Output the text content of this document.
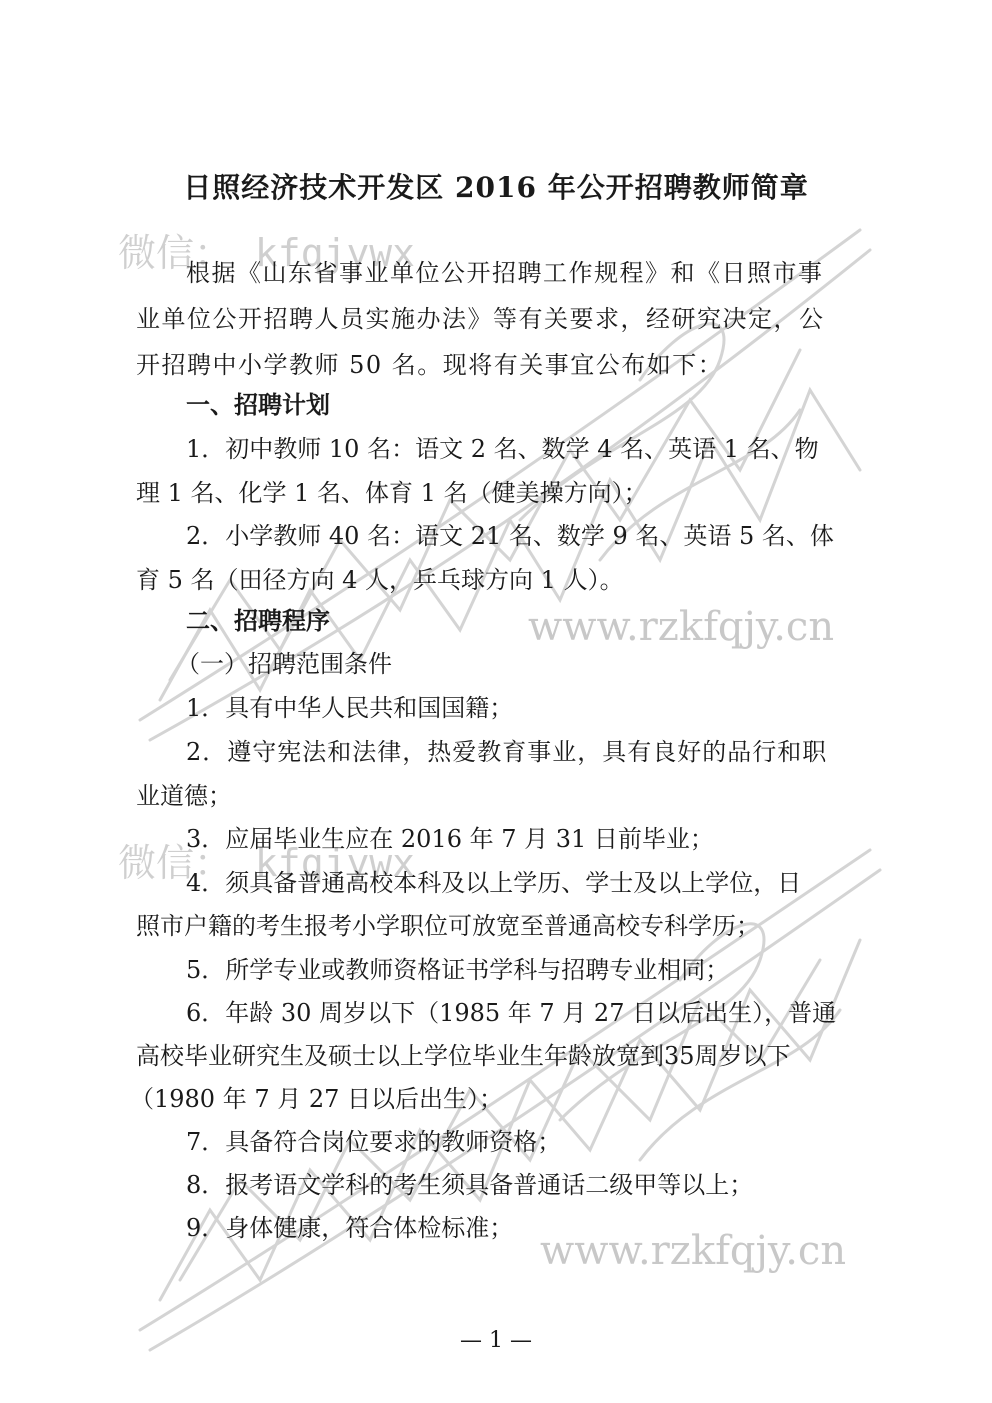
微信： kfqjywx
微信： kfqjywx
www.rzkfqjy.cn
www.rzkfqjy.cn
日照经济技术开发区 2016 年公开招聘教师简章
根据《山东省事业单位公开招聘工作规程》和《日照市事
业单位公开招聘人员实施办法》等有关要求，经研究决定，公
开招聘中小学教师 50 名。现将有关事宜公布如下：
一、招聘计划
1．初中教师 10 名：语文 2 名、数学 4 名、英语 1 名、物
理 1 名、化学 1 名、体育 1 名（健美操方向）；
2．小学教师 40 名：语文 21 名、数学 9 名、英语 5 名、体
育 5 名（田径方向 4 人，乒乓球方向 1 人）。
二、招聘程序
（一）招聘范围条件
1．具有中华人民共和国国籍；
2．遵守宪法和法律，热爱教育事业，具有良好的品行和职
业道德；
3．应届毕业生应在 2016 年 7 月 31 日前毕业；
4．须具备普通高校本科及以上学历、学士及以上学位，日
照市户籍的考生报考小学职位可放宽至普通高校专科学历；
5．所学专业或教师资格证书学科与招聘专业相同；
6．年龄 30 周岁以下（1985 年 7 月 27 日以后出生），普通
高校毕业研究生及硕士以上学位毕业生年龄放宽到35周岁以下
（1980 年 7 月 27 日以后出生）；
7．具备符合岗位要求的教师资格；
8．报考语文学科的考生须具备普通话二级甲等以上；
9．身体健康，符合体检标准；
— 1 —
